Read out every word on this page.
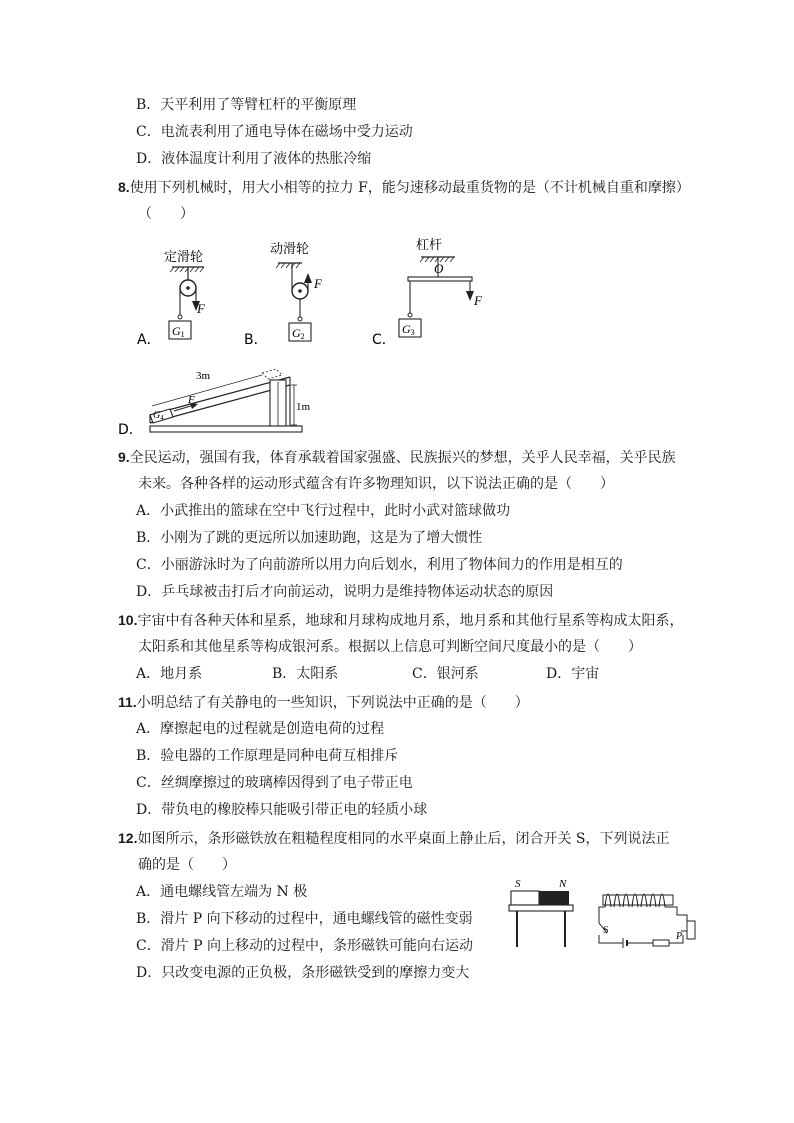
B．天平利用了等臂杠杆的平衡原理
C．电流表利用了通电导体在磁场中受力运动
D．液体温度计利用了液体的热胀冷缩
8.使用下列机械时，用大小相等的拉力 F，能匀速移动最重货物的是（不计机械自重和摩擦）
（　　）
定滑轮
F
G1
A．
动滑轮
F
G2
B．
杠杆
O
F
G3
C．
1m
3m
$G_4$
F
D．
9.全民运动，强国有我，体育承载着国家强盛、民族振兴的梦想，关乎人民幸福，关乎民族
未来。各种各样的运动形式蕴含有许多物理知识，以下说法正确的是（　　）
A．小武推出的篮球在空中飞行过程中，此时小武对篮球做功
B．小刚为了跳的更远所以加速助跑，这是为了增大惯性
C．小丽游泳时为了向前游所以用力向后划水，利用了物体间力的作用是相互的
D．乒乓球被击打后才向前运动，说明力是维持物体运动状态的原因
10.宇宙中有各种天体和星系，地球和月球构成地月系，地月系和其他行星系等构成太阳系，
太阳系和其他星系等构成银河系。根据以上信息可判断空间尺度最小的是（　　）
A．地月系	B．太阳系	C．银河系	D．宇宙
11.小明总结了有关静电的一些知识，下列说法中正确的是（　　）
A．摩擦起电的过程就是创造电荷的过程
B．验电器的工作原理是同种电荷互相排斥
C．丝绸摩擦过的玻璃棒因得到了电子带正电
D．带负电的橡胶棒只能吸引带正电的轻质小球
12.如图所示，条形磁铁放在粗糙程度相同的水平桌面上静止后，闭合开关 S，下列说法正
确的是（　　）
A．通电螺线管左端为 N 极
B．滑片 P 向下移动的过程中，通电螺线管的磁性变弱
C．滑片 P 向上移动的过程中，条形磁铁可能向右运动
D．只改变电源的正负极，条形磁铁受到的摩擦力变大
S	N
S
P
